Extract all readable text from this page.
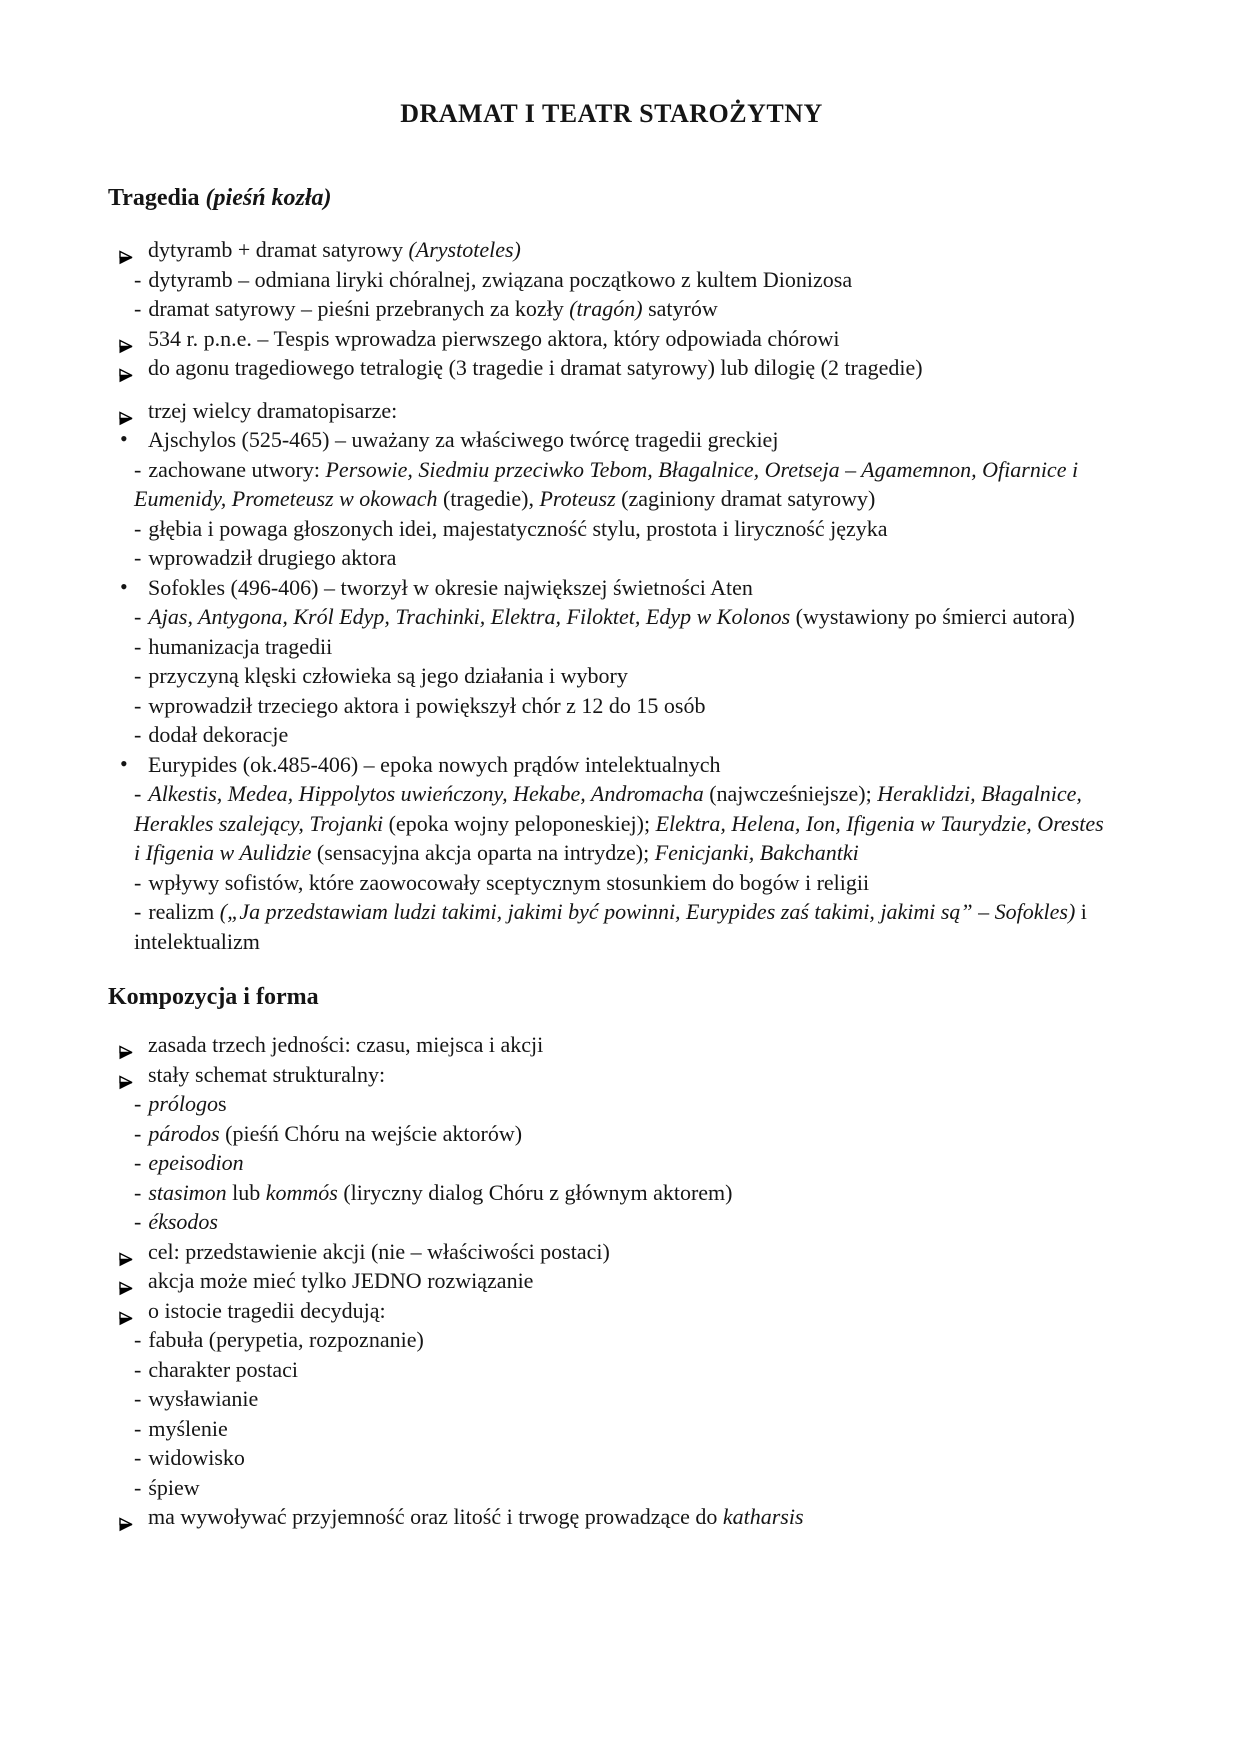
DRAMAT I TEATR STAROŻYTNY
Tragedia (pieśń kozła)
dytyramb + dramat satyrowy (Arystoteles)
- dytyramb – odmiana liryki chóralnej, związana początkowo z kultem Dionizosa
- dramat satyrowy – pieśni przebranych za kozły (tragón) satyrów
534 r. p.n.e. – Tespis wprowadza pierwszego aktora, który odpowiada chórowi
do agonu tragediowego tetralogię (3 tragedie i dramat satyrowy) lub dilogię (2 tragedie)
trzej wielcy dramatopisarze:
• Ajschylos (525-465) – uważany za właściwego twórcę tragedii greckiej
- zachowane utwory: Persowie, Siedmiu przeciwko Tebom, Błagalnice, Oretseja – Agamemnon, Ofiarnice i Eumenidy, Prometeusz w okowach (tragedie), Proteusz (zaginiony dramat satyrowy)
- głębia i powaga głoszonych idei, majestatyczność stylu, prostota i liryczność języka
- wprowadził drugiego aktora
• Sofokles (496-406) – tworzył w okresie największej świetności Aten
- Ajas, Antygona, Król Edyp, Trachinki, Elektra, Filoktet, Edyp w Kolonos (wystawiony po śmierci autora)
- humanizacja tragedii
- przyczyną klęski człowieka są jego działania i wybory
- wprowadził trzeciego aktora i powiększył chór z 12 do 15 osób
- dodał dekoracje
• Eurypides (ok.485-406) – epoka nowych prądów intelektualnych
- Alkestis, Medea, Hippolytos uwieńczony, Hekabe, Andromacha (najwcześniejsze); Heraklidzi, Błagalnice, Herakles szalejący, Trojanki (epoka wojny peloponeskiej); Elektra, Helena, Ion, Ifigenia w Taurydzie, Orestes i Ifigenia w Aulidzie (sensacyjna akcja oparta na intrydze); Fenicjanki, Bakchantki
- wpływy sofistów, które zaowocowały sceptycznym stosunkiem do bogów i religii
- realizm („Ja przedstawiam ludzi takimi, jakimi być powinni, Eurypides zaś takimi, jakimi są” – Sofokles) i intelektualizm
Kompozycja i forma
zasada trzech jedności: czasu, miejsca i akcji
stały schemat strukturalny:
- prólogos
- párodos (pieśń Chóru na wejście aktorów)
- epeisodion
- stasimon lub kommós (liryczny dialog Chóru z głównym aktorem)
- éksodos
cel: przedstawienie akcji (nie – właściwości postaci)
akcja może mieć tylko JEDNO rozwiązanie
o istocie tragedii decydują:
- fabuła (perypetia, rozpoznanie)
- charakter postaci
- wysławianie
- myślenie
- widowisko
- śpiew
ma wywoływać przyjemność oraz litość i trwogę prowadzące do katharsis
